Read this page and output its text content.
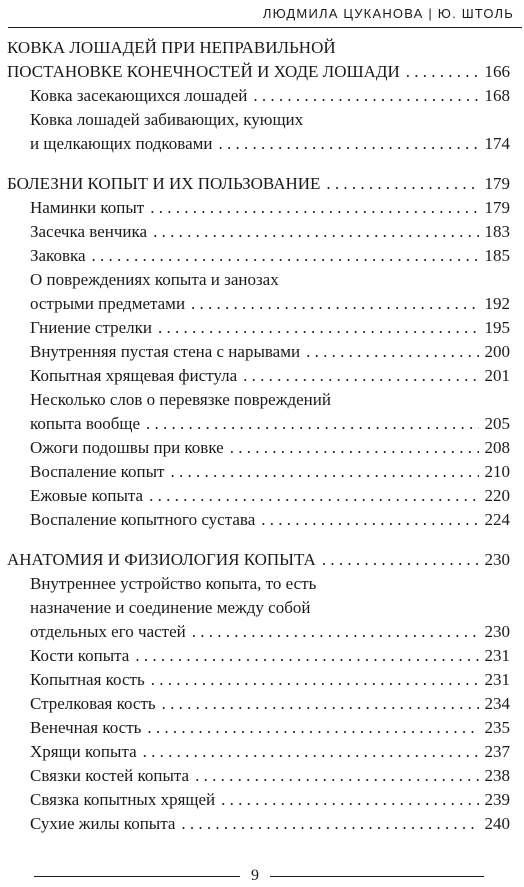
ЛЮДМИЛА ЦУКАНОВА | Ю. ШТОЛЬ
КОВКА ЛОШАДЕЙ ПРИ НЕПРАВИЛЬНОЙ
ПОСТАНОВКЕ КОНЕЧНОСТЕЙ И ХОДЕ ЛОШАДИ . . .	166
Ковка засекающихся лошадей . . .	168
Ковка лошадей забивающих, кующих
и щелкающих подковами . . .	174
БОЛЕЗНИ КОПЫТ И ИХ ПОЛЬЗОВАНИЕ . . .	179
Наминки копыт . . .	179
Засечка венчика . . .	183
Заковка . . .	185
О повреждениях копыта и занозах
острыми предметами . . .	192
Гниение стрелки . . .	195
Внутренняя пустая стена с нарывами . . .	200
Копытная хрящевая фистула . . .	201
Несколько слов о перевязке повреждений
копыта вообще . . .	205
Ожоги подошвы при ковке . . .	208
Воспаление копыт . . .	210
Ежовые копыта . . .	220
Воспаление копытного сустава . . .	224
АНАТОМИЯ И ФИЗИОЛОГИЯ КОПЫТА . . .	230
Внутреннее устройство копыта, то есть
назначение и соединение между собой
отдельных его частей . . .	230
Кости копыта . . .	231
Копытная кость . . .	231
Стрелковая кость . . .	234
Венечная кость . . .	235
Хрящи копыта . . .	237
Связки костей копыта . . .	238
Связка копытных хрящей . . .	239
Сухие жилы копыта . . .	240
9
